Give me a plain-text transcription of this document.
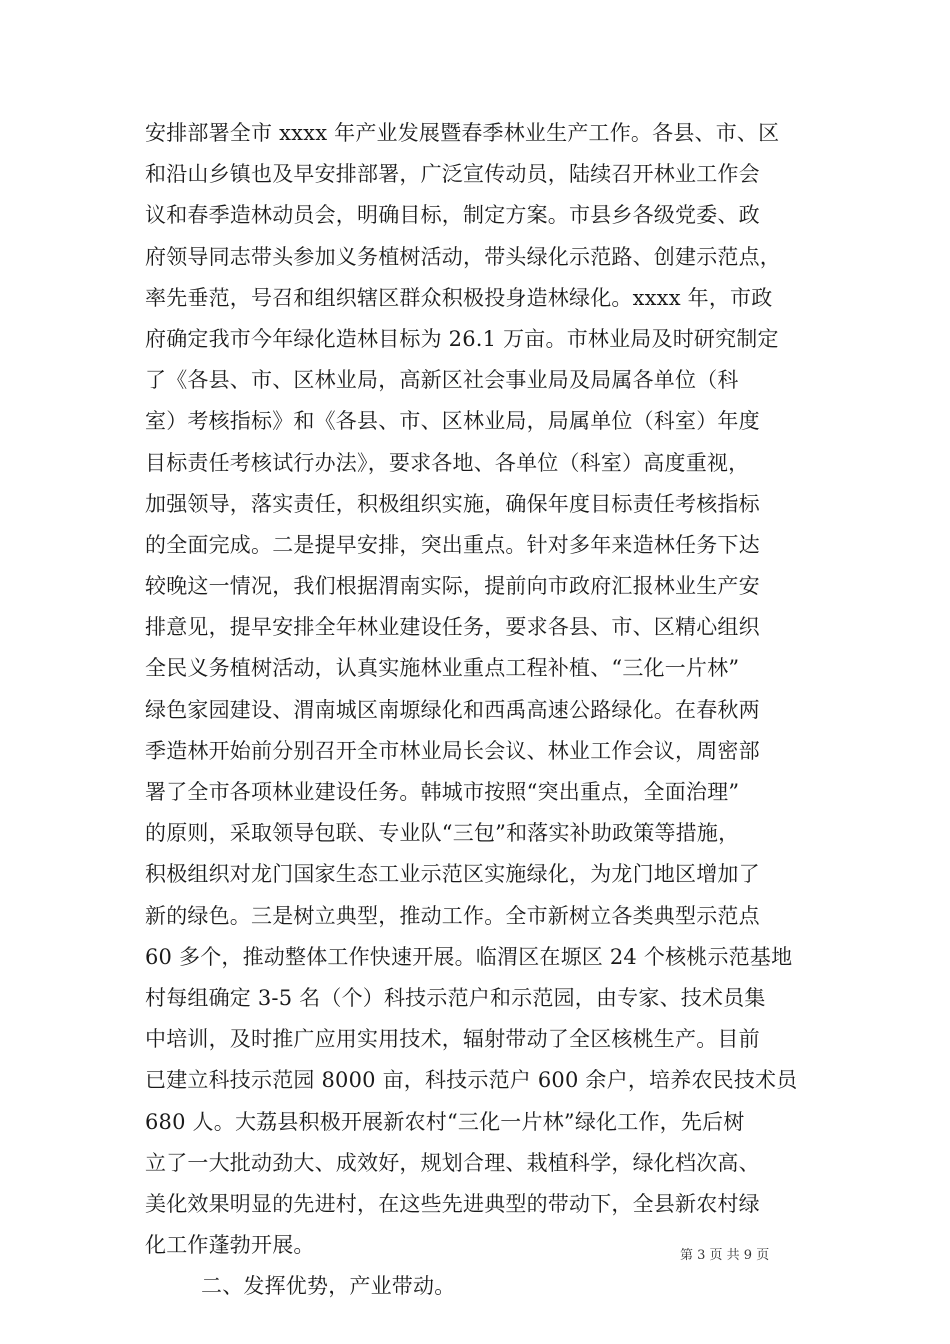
安排部署全市 xxxx 年产业发展暨春季林业生产工作。各县、市、区
和沿山乡镇也及早安排部署，广泛宣传动员，陆续召开林业工作会
议和春季造林动员会，明确目标，制定方案。市县乡各级党委、政
府领导同志带头参加义务植树活动，带头绿化示范路、创建示范点，
率先垂范，号召和组织辖区群众积极投身造林绿化。xxxx 年，市政
府确定我市今年绿化造林目标为 26.1 万亩。市林业局及时研究制定
了《各县、市、区林业局，高新区社会事业局及局属各单位（科
室）考核指标》和《各县、市、区林业局，局属单位（科室）年度
目标责任考核试行办法》，要求各地、各单位（科室）高度重视，
加强领导，落实责任，积极组织实施，确保年度目标责任考核指标
的全面完成。二是提早安排，突出重点。针对多年来造林任务下达
较晚这一情况，我们根据渭南实际，提前向市政府汇报林业生产安
排意见，提早安排全年林业建设任务，要求各县、市、区精心组织
全民义务植树活动，认真实施林业重点工程补植、“三化一片林”
绿色家园建设、渭南城区南塬绿化和西禹高速公路绿化。在春秋两
季造林开始前分别召开全市林业局长会议、林业工作会议，周密部
署了全市各项林业建设任务。韩城市按照“突出重点，全面治理”
的原则，采取领导包联、专业队“三包”和落实补助政策等措施，
积极组织对龙门国家生态工业示范区实施绿化，为龙门地区增加了
新的绿色。三是树立典型，推动工作。全市新树立各类典型示范点
60 多个，推动整体工作快速开展。临渭区在塬区 24 个核桃示范基地
村每组确定 3-5 名（个）科技示范户和示范园，由专家、技术员集
中培训，及时推广应用实用技术，辐射带动了全区核桃生产。目前
已建立科技示范园 8000 亩，科技示范户 600 余户，培养农民技术员
680 人。大荔县积极开展新农村“三化一片林”绿化工作，先后树
立了一大批动劲大、成效好，规划合理、栽植科学，绿化档次高、
美化效果明显的先进村，在这些先进典型的带动下，全县新农村绿
化工作蓬勃开展。
二、发挥优势，产业带动。
第 3 页 共 9 页
